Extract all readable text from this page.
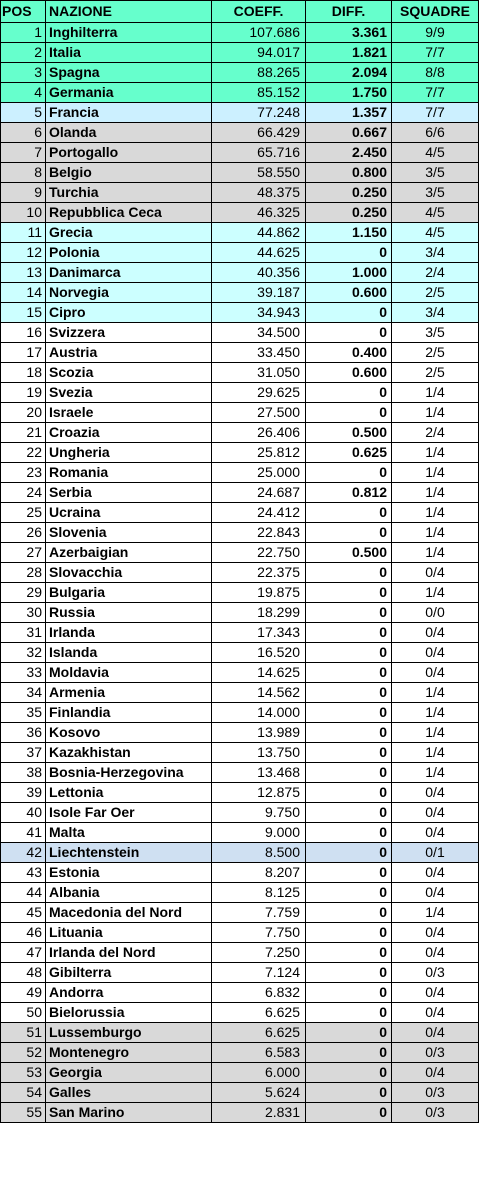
POS	NAZIONE	COEFF.	DIFF.	SQUADRE
1	Inghilterra	107.686	3.361	9/9
2	Italia	94.017	1.821	7/7
3	Spagna	88.265	2.094	8/8
4	Germania	85.152	1.750	7/7
5	Francia	77.248	1.357	7/7
6	Olanda	66.429	0.667	6/6
7	Portogallo	65.716	2.450	4/5
8	Belgio	58.550	0.800	3/5
9	Turchia	48.375	0.250	3/5
10	Repubblica Ceca	46.325	0.250	4/5
11	Grecia	44.862	1.150	4/5
12	Polonia	44.625	0	3/4
13	Danimarca	40.356	1.000	2/4
14	Norvegia	39.187	0.600	2/5
15	Cipro	34.943	0	3/4
16	Svizzera	34.500	0	3/5
17	Austria	33.450	0.400	2/5
18	Scozia	31.050	0.600	2/5
19	Svezia	29.625	0	1/4
20	Israele	27.500	0	1/4
21	Croazia	26.406	0.500	2/4
22	Ungheria	25.812	0.625	1/4
23	Romania	25.000	0	1/4
24	Serbia	24.687	0.812	1/4
25	Ucraina	24.412	0	1/4
26	Slovenia	22.843	0	1/4
27	Azerbaigian	22.750	0.500	1/4
28	Slovacchia	22.375	0	0/4
29	Bulgaria	19.875	0	1/4
30	Russia	18.299	0	0/0
31	Irlanda	17.343	0	0/4
32	Islanda	16.520	0	0/4
33	Moldavia	14.625	0	0/4
34	Armenia	14.562	0	1/4
35	Finlandia	14.000	0	1/4
36	Kosovo	13.989	0	1/4
37	Kazakhistan	13.750	0	1/4
38	Bosnia-Herzegovina	13.468	0	1/4
39	Lettonia	12.875	0	0/4
40	Isole Far Oer	9.750	0	0/4
41	Malta	9.000	0	0/4
42	Liechtenstein	8.500	0	0/1
43	Estonia	8.207	0	0/4
44	Albania	8.125	0	0/4
45	Macedonia del Nord	7.759	0	1/4
46	Lituania	7.750	0	0/4
47	Irlanda del Nord	7.250	0	0/4
48	Gibilterra	7.124	0	0/3
49	Andorra	6.832	0	0/4
50	Bielorussia	6.625	0	0/4
51	Lussemburgo	6.625	0	0/4
52	Montenegro	6.583	0	0/3
53	Georgia	6.000	0	0/4
54	Galles	5.624	0	0/3
55	San Marino	2.831	0	0/3
